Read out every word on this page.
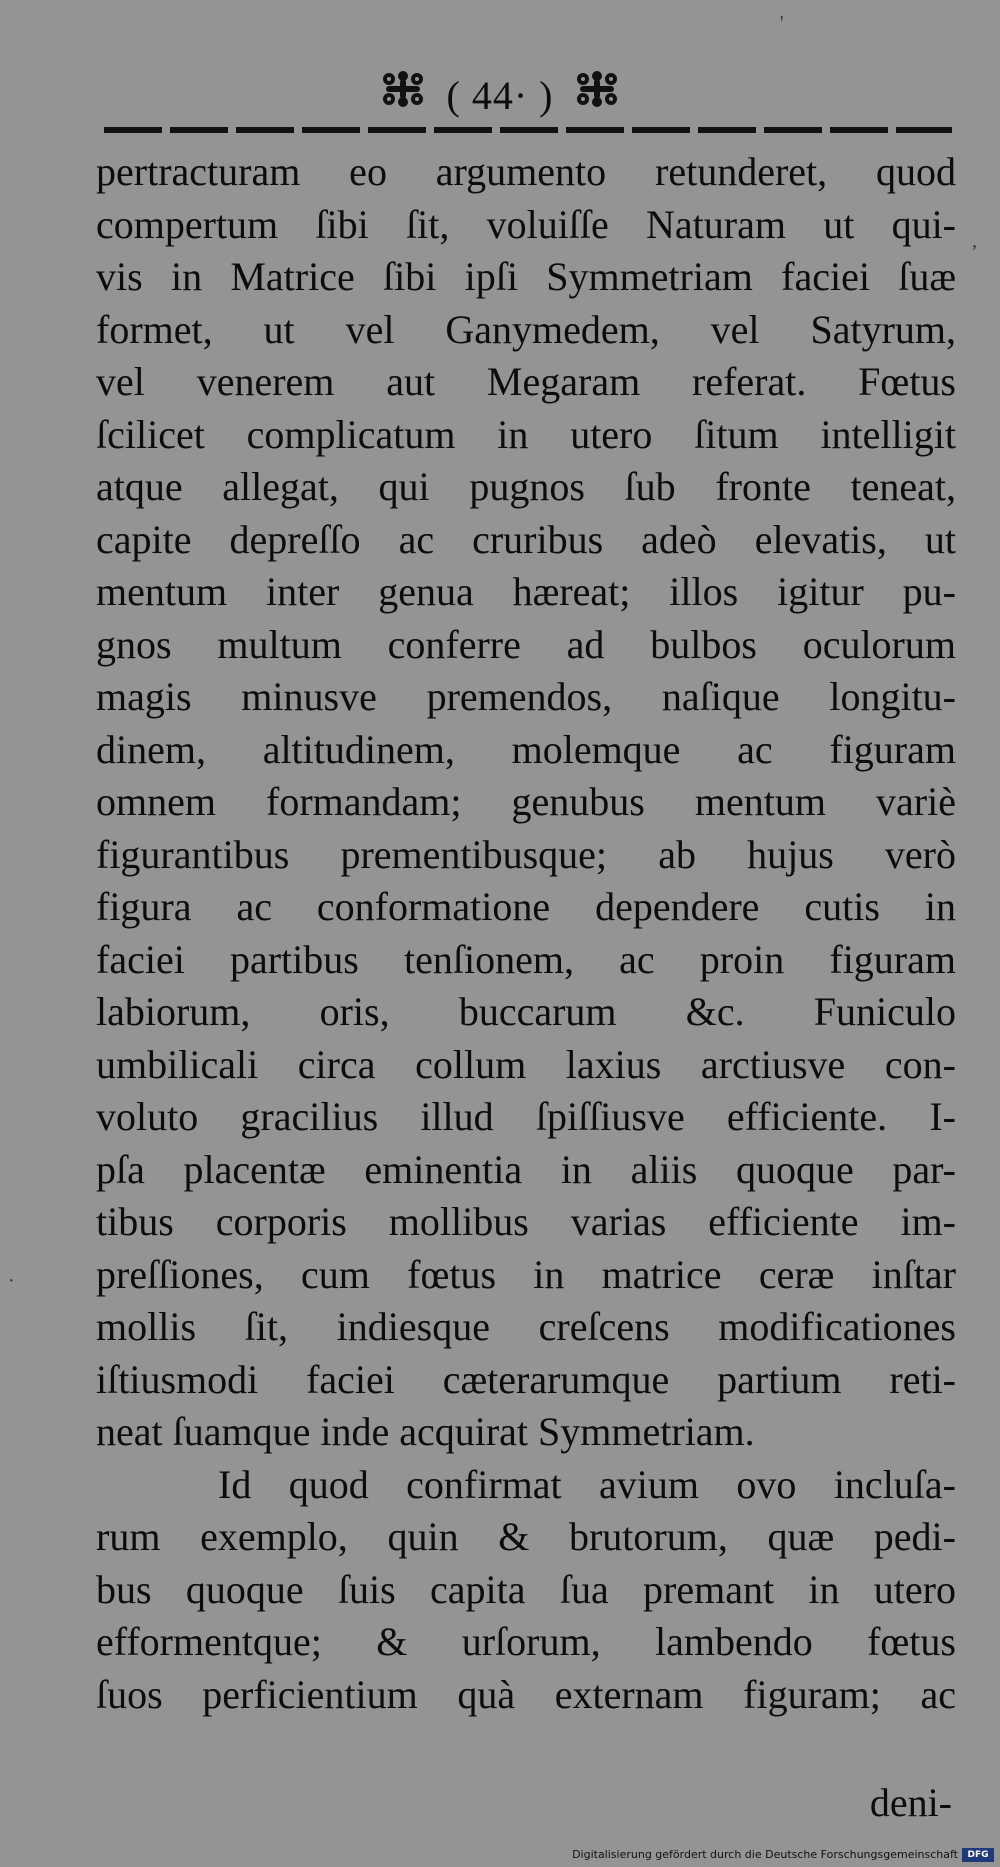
( 44· )
pertracturam eo argumento retunderet, quod
compertum ſibi ſit, voluiſſe Naturam ut qui-
vis in Matrice ſibi ipſi Symmetriam faciei ſuæ
formet, ut vel Ganymedem, vel Satyrum,
vel venerem aut Megaram referat. Fœtus
ſcilicet complicatum in utero ſitum intelligit
atque allegat, qui pugnos ſub fronte teneat,
capite depreſſo ac cruribus adeò elevatis, ut
mentum inter genua hæreat; illos igitur pu-
gnos multum conferre ad bulbos oculorum
magis minusve premendos, naſique longitu-
dinem, altitudinem, molemque ac figuram
omnem formandam; genubus mentum variè
figurantibus prementibusque; ab hujus verò
figura ac conformatione dependere cutis in
faciei partibus tenſionem, ac proin figuram
labiorum, oris, buccarum &c. Funiculo
umbilicali circa collum laxius arctiusve con-
voluto gracilius illud ſpiſſiusve efficiente. I-
pſa placentæ eminentia in aliis quoque par-
tibus corporis mollibus varias efficiente im-
preſſiones, cum fœtus in matrice ceræ inſtar
mollis ſit, indiesque creſcens modificationes
iſtiusmodi faciei cæterarumque partium reti-
neat ſuamque inde acquirat Symmetriam.
Id quod confirmat avium ovo incluſa-
rum exemplo, quin & brutorum, quæ pedi-
bus quoque ſuis capita ſua premant in utero
efformentque; & urſorum, lambendo fœtus
ſuos perficientium quà externam figuram; ac
deni-
'
,
·
Digitalisierung gefördert durch die Deutsche Forschungsgemeinschaft	DFG
